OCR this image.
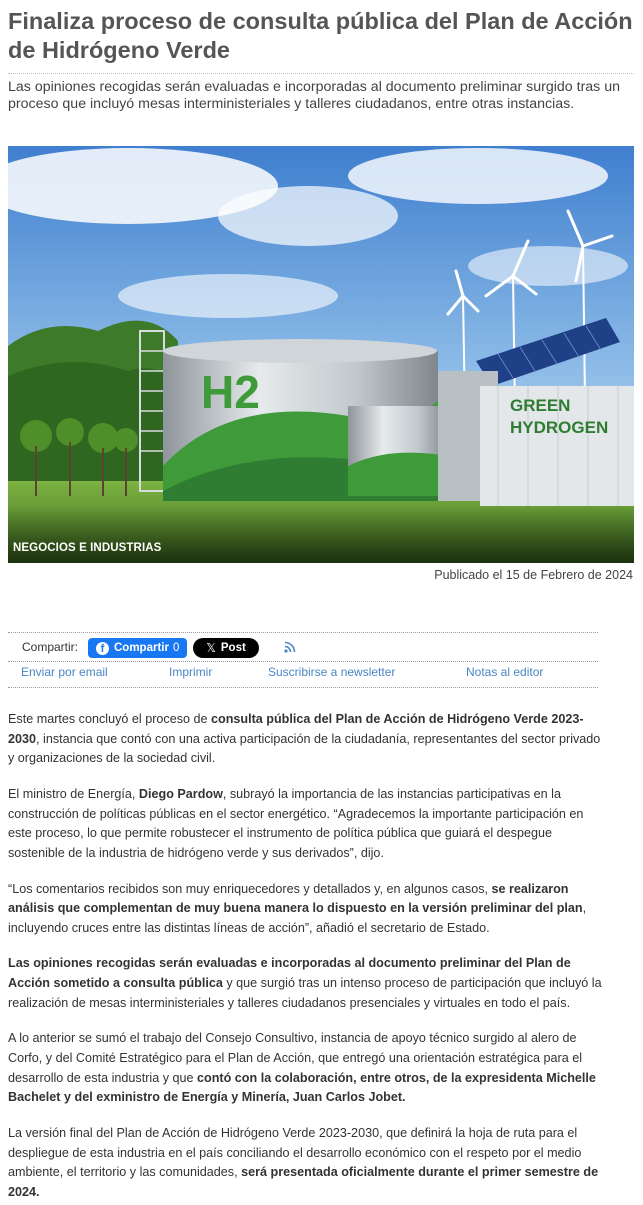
Finaliza proceso de consulta pública del Plan de Acción de Hidrógeno Verde

Las opiniones recogidas serán evaluadas e incorporadas al documento preliminar surgido tras un proceso que incluyó mesas interministeriales y talleres ciudadanos, entre otras instancias.

H2	GREEN
HYDROGEN
NEGOCIOS E INDUSTRIAS
Publicado el 15 de Febrero de 2024
Compartir:	f Compartir 0 𝕏 Post
Enviar por email	Imprimir	Suscribirse a newsletter	Notas al editor

Este martes concluyó el proceso de consulta pública del Plan de Acción de Hidrógeno Verde 2023-2030, instancia que contó con una activa participación de la ciudadanía, representantes del sector privado y organizaciones de la sociedad civil.

El ministro de Energía, Diego Pardow, subrayó la importancia de las instancias participativas en la construcción de políticas públicas en el sector energético. “Agradecemos la importante participación en este proceso, lo que permite robustecer el instrumento de política pública que guiará el despegue sostenible de la industria de hidrógeno verde y sus derivados”, dijo.

“Los comentarios recibidos son muy enriquecedores y detallados y, en algunos casos, se realizaron análisis que complementan de muy buena manera lo dispuesto en la versión preliminar del plan, incluyendo cruces entre las distintas líneas de acción”, añadió el secretario de Estado.

Las opiniones recogidas serán evaluadas e incorporadas al documento preliminar del Plan de Acción sometido a consulta pública y que surgió tras un intenso proceso de participación que incluyó la realización de mesas interministeriales y talleres ciudadanos presenciales y virtuales en todo el país.

A lo anterior se sumó el trabajo del Consejo Consultivo, instancia de apoyo técnico surgido al alero de Corfo, y del Comité Estratégico para el Plan de Acción, que entregó una orientación estratégica para el desarrollo de esta industria y que contó con la colaboración, entre otros, de la expresidenta Michelle Bachelet y del exministro de Energía y Minería, Juan Carlos Jobet.

La versión final del Plan de Acción de Hidrógeno Verde 2023-2030, que definirá la hoja de ruta para el despliegue de esta industria en el país conciliando el desarrollo económico con el respeto por el medio ambiente, el territorio y las comunidades, será presentada oficialmente durante el primer semestre de 2024.
